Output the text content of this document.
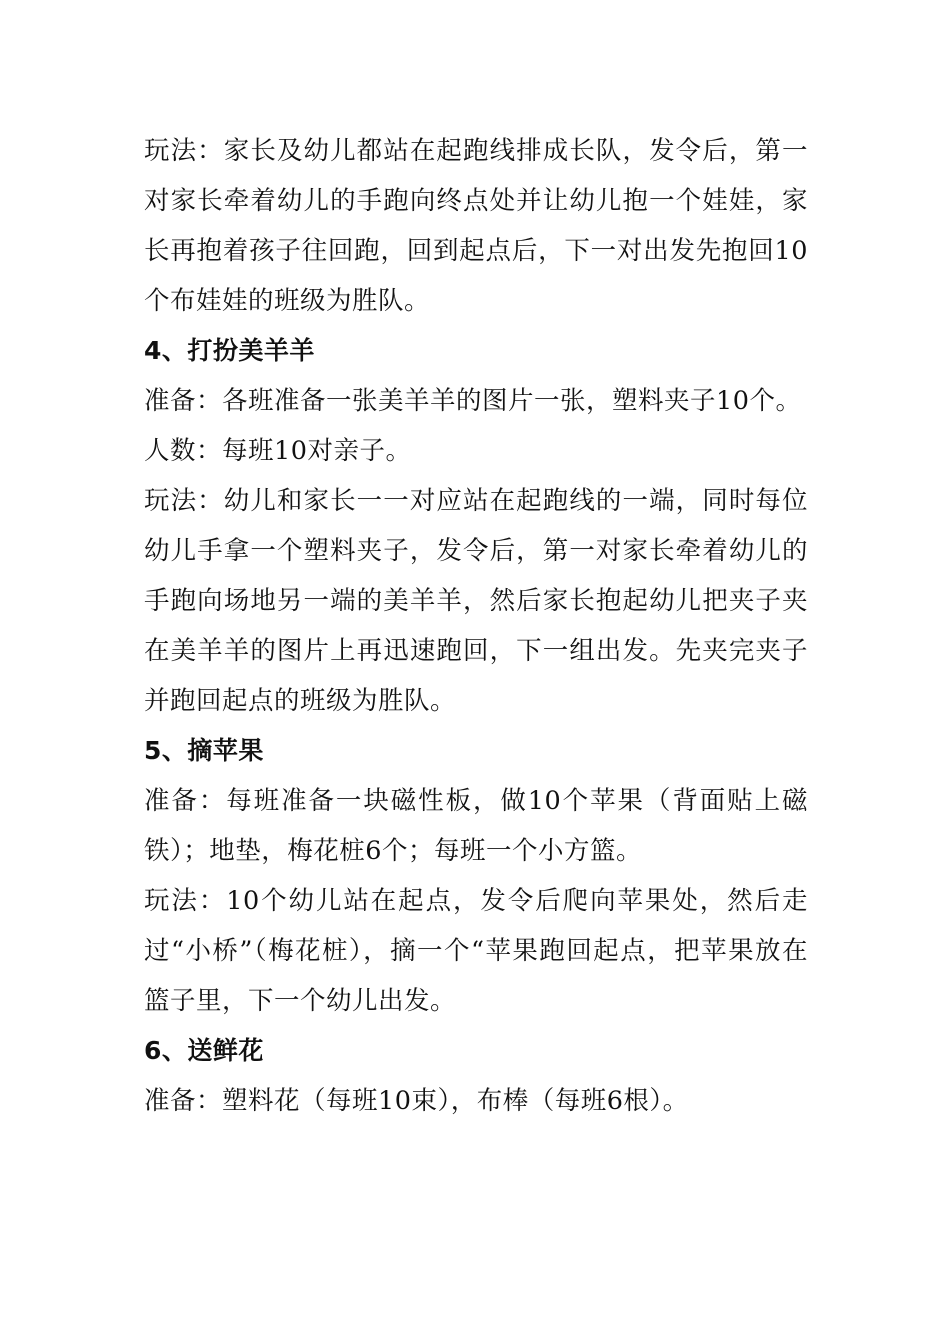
玩法：家长及幼儿都站在起跑线排成长队，发令后，第一对家长牵着幼儿的手跑向终点处并让幼儿抱一个娃娃，家长再抱着孩子往回跑，回到起点后，下一对出发先抱回10个布娃娃的班级为胜队。

4、打扮美羊羊

准备：各班准备一张美羊羊的图片一张，塑料夹子10个。

人数：每班10对亲子。

玩法：幼儿和家长一一对应站在起跑线的一端，同时每位幼儿手拿一个塑料夹子，发令后，第一对家长牵着幼儿的手跑向场地另一端的美羊羊，然后家长抱起幼儿把夹子夹在美羊羊的图片上再迅速跑回，下一组出发。先夹完夹子并跑回起点的班级为胜队。

5、摘苹果

准备：每班准备一块磁性板，做10个苹果（背面贴上磁铁）；地垫，梅花桩6个；每班一个小方篮。

玩法：10个幼儿站在起点，发令后爬向苹果处，然后走过“小桥”（梅花桩），摘一个“苹果跑回起点，把苹果放在篮子里，下一个幼儿出发。

6、送鲜花

准备：塑料花（每班10束），布棒（每班6根）。
